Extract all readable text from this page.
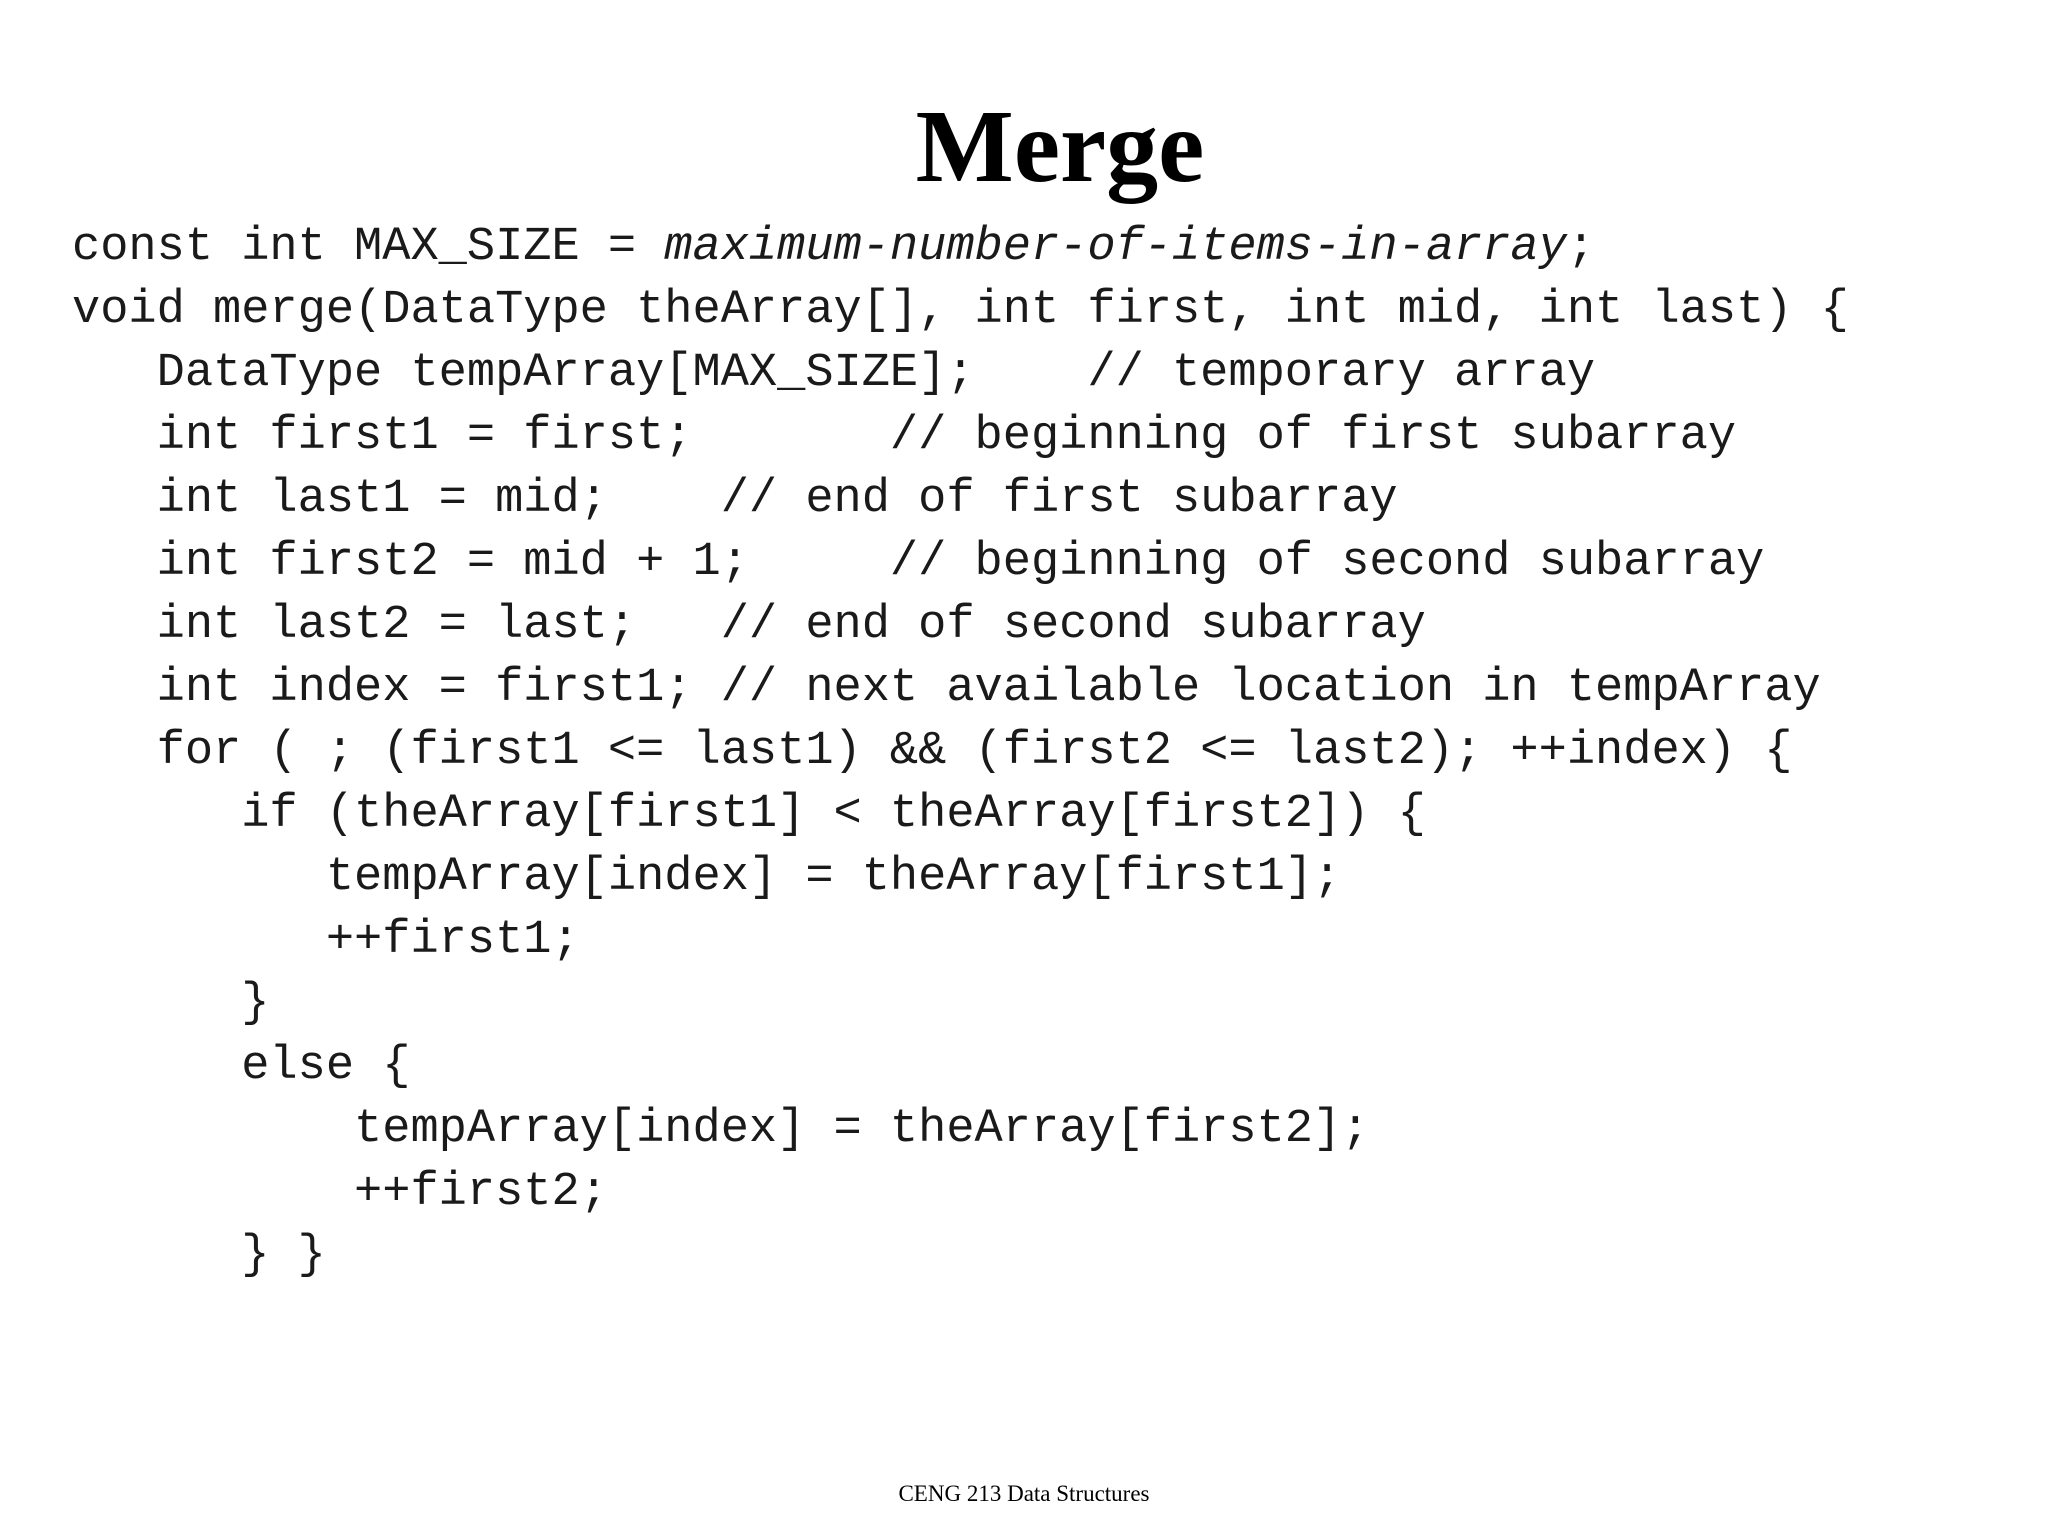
Merge
const int MAX_SIZE = maximum-number-of-items-in-array;
void merge(DataType theArray[], int first, int mid, int last) {
DataType tempArray[MAX_SIZE];    // temporary array
int first1 = first;       // beginning of first subarray
int last1 = mid;    // end of first subarray
int first2 = mid + 1;     // beginning of second subarray
int last2 = last;   // end of second subarray
int index = first1; // next available location in tempArray
for ( ; (first1 <= last1) && (first2 <= last2); ++index) {
if (theArray[first1] < theArray[first2]) {
tempArray[index] = theArray[first1];
++first1;
}
else {
tempArray[index] = theArray[first2];
++first2;
} }
CENG 213 Data Structures
